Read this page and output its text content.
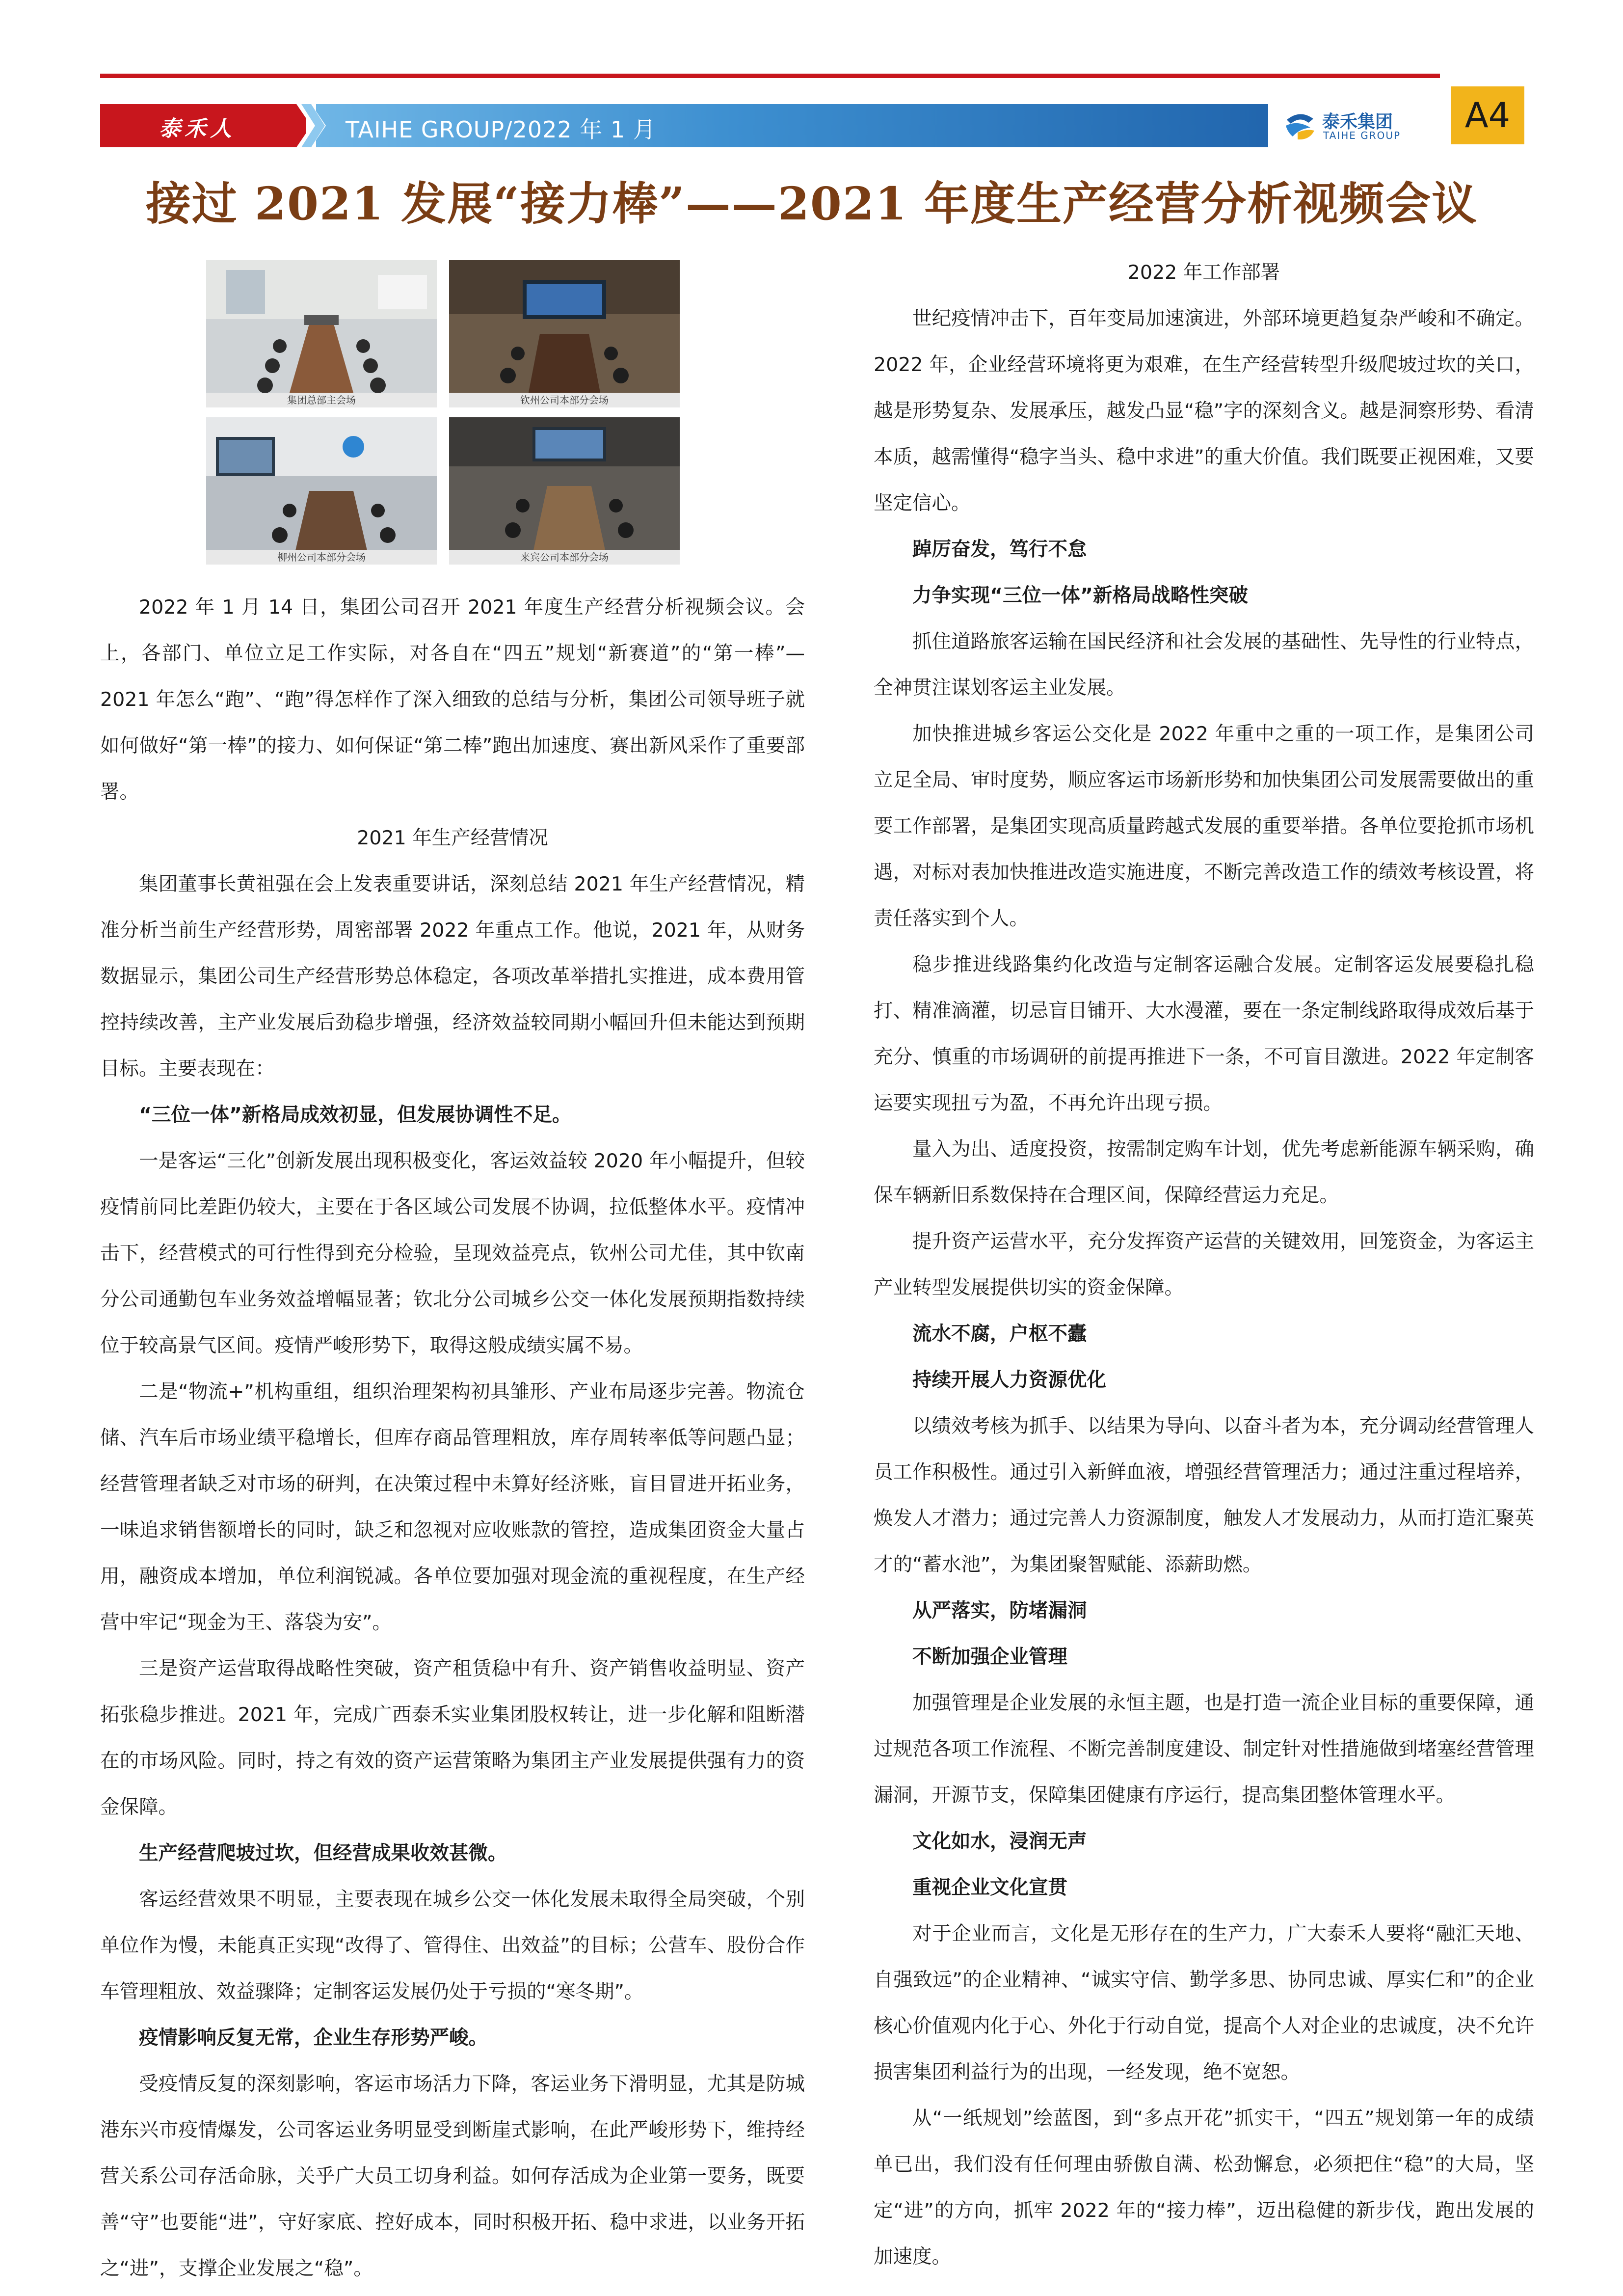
泰禾人	TAIHE GROUP/2022 年 1 月	泰禾集团
TAIHE GROUP	A4
接过 2021 发展“接力棒”——2021 年度生产经营分析视频会议
集团总部主会场	钦州公司本部分会场
柳州公司本部分会场	来宾公司本部分会场

2022 年 1 月 14 日，集团公司召开 2021 年度生产经营分析视频会议。会上，各部门、单位立足工作实际，对各自在“四五”规划“新赛道”的“第一棒”—2021 年怎么“跑”、“跑”得怎样作了深入细致的总结与分析，集团公司领导班子就如何做好“第一棒”的接力、如何保证“第二棒”跑出加速度、赛出新风采作了重要部署。

2021 年生产经营情况

集团董事长黄祖强在会上发表重要讲话，深刻总结 2021 年生产经营情况，精准分析当前生产经营形势，周密部署 2022 年重点工作。他说，2021 年，从财务数据显示，集团公司生产经营形势总体稳定，各项改革举措扎实推进，成本费用管控持续改善，主产业发展后劲稳步增强，经济效益较同期小幅回升但未能达到预期目标。主要表现在：

“三位一体”新格局成效初显，但发展协调性不足。

一是客运“三化”创新发展出现积极变化，客运效益较 2020 年小幅提升，但较疫情前同比差距仍较大，主要在于各区域公司发展不协调，拉低整体水平。疫情冲击下，经营模式的可行性得到充分检验，呈现效益亮点，钦州公司尤佳，其中钦南分公司通勤包车业务效益增幅显著；钦北分公司城乡公交一体化发展预期指数持续位于较高景气区间。疫情严峻形势下，取得这般成绩实属不易。

二是“物流+”机构重组，组织治理架构初具雏形、产业布局逐步完善。物流仓储、汽车后市场业绩平稳增长，但库存商品管理粗放，库存周转率低等问题凸显；经营管理者缺乏对市场的研判，在决策过程中未算好经济账，盲目冒进开拓业务，一味追求销售额增长的同时，缺乏和忽视对应收账款的管控，造成集团资金大量占用，融资成本增加，单位利润锐减。各单位要加强对现金流的重视程度，在生产经营中牢记“现金为王、落袋为安”。

三是资产运营取得战略性突破，资产租赁稳中有升、资产销售收益明显、资产拓张稳步推进。2021 年，完成广西泰禾实业集团股权转让，进一步化解和阻断潜在的市场风险。同时，持之有效的资产运营策略为集团主产业发展提供强有力的资金保障。

生产经营爬坡过坎，但经营成果收效甚微。

客运经营效果不明显，主要表现在城乡公交一体化发展未取得全局突破，个别单位作为慢，未能真正实现“改得了、管得住、出效益”的目标；公营车、股份合作车管理粗放、效益骤降；定制客运发展仍处于亏损的“寒冬期”。

疫情影响反复无常，企业生存形势严峻。

受疫情反复的深刻影响，客运市场活力下降，客运业务下滑明显，尤其是防城港东兴市疫情爆发，公司客运业务明显受到断崖式影响，在此严峻形势下，维持经营关系公司存活命脉，关乎广大员工切身利益。如何存活成为企业第一要务，既要善“守”也要能“进”，守好家底、控好成本，同时积极开拓、稳中求进，以业务开拓之“进”，支撑企业发展之“稳”。

2022 年工作部署

世纪疫情冲击下，百年变局加速演进，外部环境更趋复杂严峻和不确定。2022 年，企业经营环境将更为艰难，在生产经营转型升级爬坡过坎的关口，越是形势复杂、发展承压，越发凸显“稳”字的深刻含义。越是洞察形势、看清本质，越需懂得“稳字当头、稳中求进”的重大价值。我们既要正视困难，又要坚定信心。

踔厉奋发，笃行不怠

力争实现“三位一体”新格局战略性突破

抓住道路旅客运输在国民经济和社会发展的基础性、先导性的行业特点，全神贯注谋划客运主业发展。

加快推进城乡客运公交化是 2022 年重中之重的一项工作，是集团公司立足全局、审时度势，顺应客运市场新形势和加快集团公司发展需要做出的重要工作部署，是集团实现高质量跨越式发展的重要举措。各单位要抢抓市场机遇，对标对表加快推进改造实施进度，不断完善改造工作的绩效考核设置，将责任落实到个人。

稳步推进线路集约化改造与定制客运融合发展。定制客运发展要稳扎稳打、精准滴灌，切忌盲目铺开、大水漫灌，要在一条定制线路取得成效后基于充分、慎重的市场调研的前提再推进下一条，不可盲目激进。2022 年定制客运要实现扭亏为盈，不再允许出现亏损。

量入为出、适度投资，按需制定购车计划，优先考虑新能源车辆采购，确保车辆新旧系数保持在合理区间，保障经营运力充足。

提升资产运营水平，充分发挥资产运营的关键效用，回笼资金，为客运主产业转型发展提供切实的资金保障。

流水不腐，户枢不蠹

持续开展人力资源优化

以绩效考核为抓手、以结果为导向、以奋斗者为本，充分调动经营管理人员工作积极性。通过引入新鲜血液，增强经营管理活力；通过注重过程培养，焕发人才潜力；通过完善人力资源制度，触发人才发展动力，从而打造汇聚英才的“蓄水池”，为集团聚智赋能、添薪助燃。

从严落实，防堵漏洞

不断加强企业管理

加强管理是企业发展的永恒主题，也是打造一流企业目标的重要保障，通过规范各项工作流程、不断完善制度建设、制定针对性措施做到堵塞经营管理漏洞，开源节支，保障集团健康有序运行，提高集团整体管理水平。

文化如水，浸润无声

重视企业文化宣贯

对于企业而言，文化是无形存在的生产力，广大泰禾人要将“融汇天地、自强致远”的企业精神、“诚实守信、勤学多思、协同忠诚、厚实仁和”的企业核心价值观内化于心、外化于行动自觉，提高个人对企业的忠诚度，决不允许损害集团利益行为的出现，一经发现，绝不宽恕。

从“一纸规划”绘蓝图，到“多点开花”抓实干，“四五”规划第一年的成绩单已出，我们没有任何理由骄傲自满、松劲懈怠，必须把住“稳”的大局，坚定“进”的方向，抓牢 2022 年的“接力棒”，迈出稳健的新步伐，跑出发展的加速度。
